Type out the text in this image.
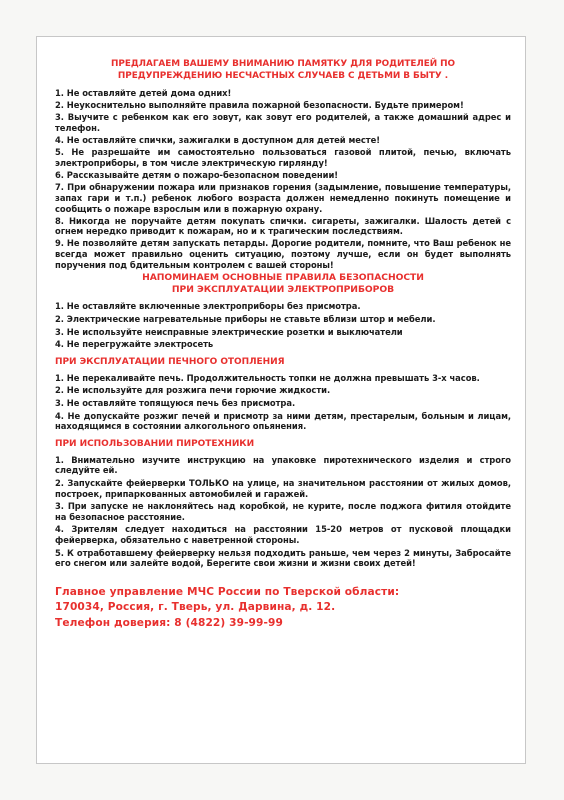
ПРЕДЛАГАЕМ ВАШЕМУ ВНИМАНИЮ ПАМЯТКУ ДЛЯ РОДИТЕЛЕЙ ПО
ПРЕДУПРЕЖДЕНИЮ НЕСЧАСТНЫХ СЛУЧАЕВ С ДЕТЬМИ В БЫТУ .
1. Не оставляйте детей дома одних!
2. Неукоснительно выполняйте правила пожарной безопасности. Будьте примером!
3. Выучите с ребенком как его зовут, как зовут его родителей, а также домашний адрес и телефон.
4. Не оставляйте спички, зажигалки в доступном для детей месте!
5. Не разрешайте им самостоятельно пользоваться газовой плитой, печью, включать электроприборы, в том числе электрическую гирлянду!
6. Рассказывайте детям о пожаро-безопасном поведении!
7. При обнаружении пожара или признаков горения (задымление, повышение температуры, запах гари и т.п.) ребенок любого возраста должен немедленно покинуть помещение и сообщить о пожаре взрослым или в пожарную охрану.
8. Никогда не поручайте детям покупать спички. сигареты, зажигалки. Шалость детей с огнем нередко приводит к пожарам, но и к трагическим последствиям.
9. Не позволяйте детям запускать петарды. Дорогие родители, помните, что Ваш ребенок не всегда может правильно оценить ситуацию, поэтому лучше, если он будет выполнять поручения под бдительным контролем с вашей стороны!
НАПОМИНАЕМ ОСНОВНЫЕ ПРАВИЛА БЕЗОПАСНОСТИ
ПРИ ЭКСПЛУАТАЦИИ ЭЛЕКТРОПРИБОРОВ
1. Не оставляйте включенные электроприборы без присмотра.
2. Электрические нагревательные приборы не ставьте вблизи штор и мебели.
3. Не используйте неисправные электрические розетки и выключатели
4. Не перегружайте электросеть
ПРИ ЭКСПЛУАТАЦИИ ПЕЧНОГО ОТОПЛЕНИЯ
1. Не перекаливайте печь. Продолжительность топки не должна превышать 3-х часов.
2. Не используйте для розжига печи горючие жидкости.
3. Не оставляйте топящуюся печь без присмотра.
4. Не допускайте розжиг печей и присмотр за ними детям, престарелым, больным и лицам, находящимся в состоянии алкогольного опьянения.
ПРИ ИСПОЛЬЗОВАНИИ ПИРОТЕХНИКИ
1. Внимательно изучите инструкцию на упаковке пиротехнического изделия и строго следуйте ей.
2. Запускайте фейерверки ТОЛЬКО на улице, на значительном расстоянии от жилых домов, построек, припаркованных автомобилей и гаражей.
3. При запуске не наклоняйтесь над коробкой, не курите, после поджога фитиля отойдите на безопасное расстояние.
4. Зрителям следует находиться на расстоянии 15-20 метров от пусковой площадки фейерверка, обязательно с наветренной стороны.
5. К отработавшему фейерверку нельзя подходить раньше, чем через 2 минуты, Забросайте его снегом или залейте водой, Берегите свои жизни и жизни своих детей!
Главное управление МЧС России по Тверской области:
170034, Россия, г. Тверь, ул. Дарвина, д. 12.
Телефон доверия: 8 (4822) 39-99-99
